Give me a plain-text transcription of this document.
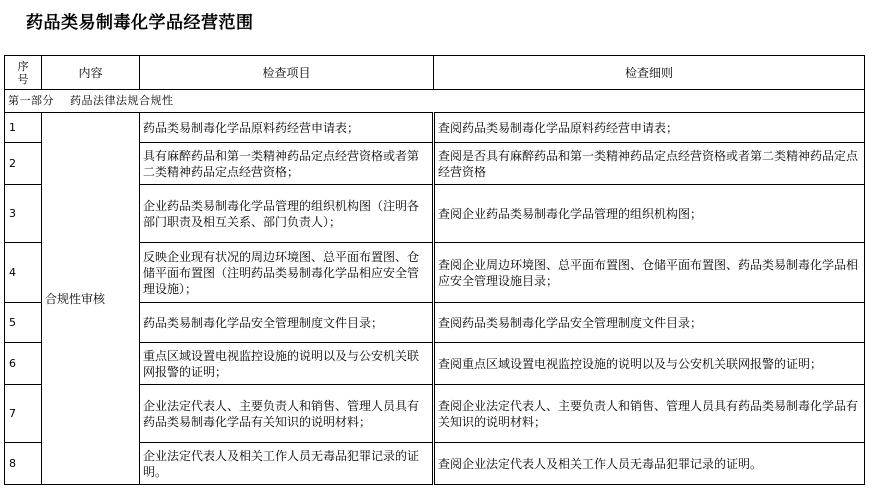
药品类易制毒化学品经营范围
序
号	内容	检查项目	检查细则
第一部分 药品法律法规合规性			
1	合规性审核	药品类易制毒化学品原料药经营申请表；	查阅药品类易制毒化学品原料药经营申请表；
2		具有麻醉药品和第一类精神药品定点经营资格或者第二类精神药品定点经营资格；	查阅是否具有麻醉药品和第一类精神药品定点经营资格或者第二类精神药品定点经营资格
3		企业药品类易制毒化学品管理的组织机构图（注明各部门职责及相互关系、部门负责人）；	查阅企业药品类易制毒化学品管理的组织机构图；
4		反映企业现有状况的周边环境图、总平面布置图、仓储平面布置图（注明药品类易制毒化学品相应安全管理设施）；	查阅企业周边环境图、总平面布置图、仓储平面布置图、药品类易制毒化学品相应安全管理设施目录；
5		药品类易制毒化学品安全管理制度文件目录；	查阅药品类易制毒化学品安全管理制度文件目录；
6		重点区域设置电视监控设施的说明以及与公安机关联网报警的证明；	查阅重点区域设置电视监控设施的说明以及与公安机关联网报警的证明；
7		企业法定代表人、主要负责人和销售、管理人员具有药品类易制毒化学品有关知识的说明材料；	查阅企业法定代表人、主要负责人和销售、管理人员具有药品类易制毒化学品有关知识的说明材料；
8		企业法定代表人及相关工作人员无毒品犯罪记录的证明。	查阅企业法定代表人及相关工作人员无毒品犯罪记录的证明。
